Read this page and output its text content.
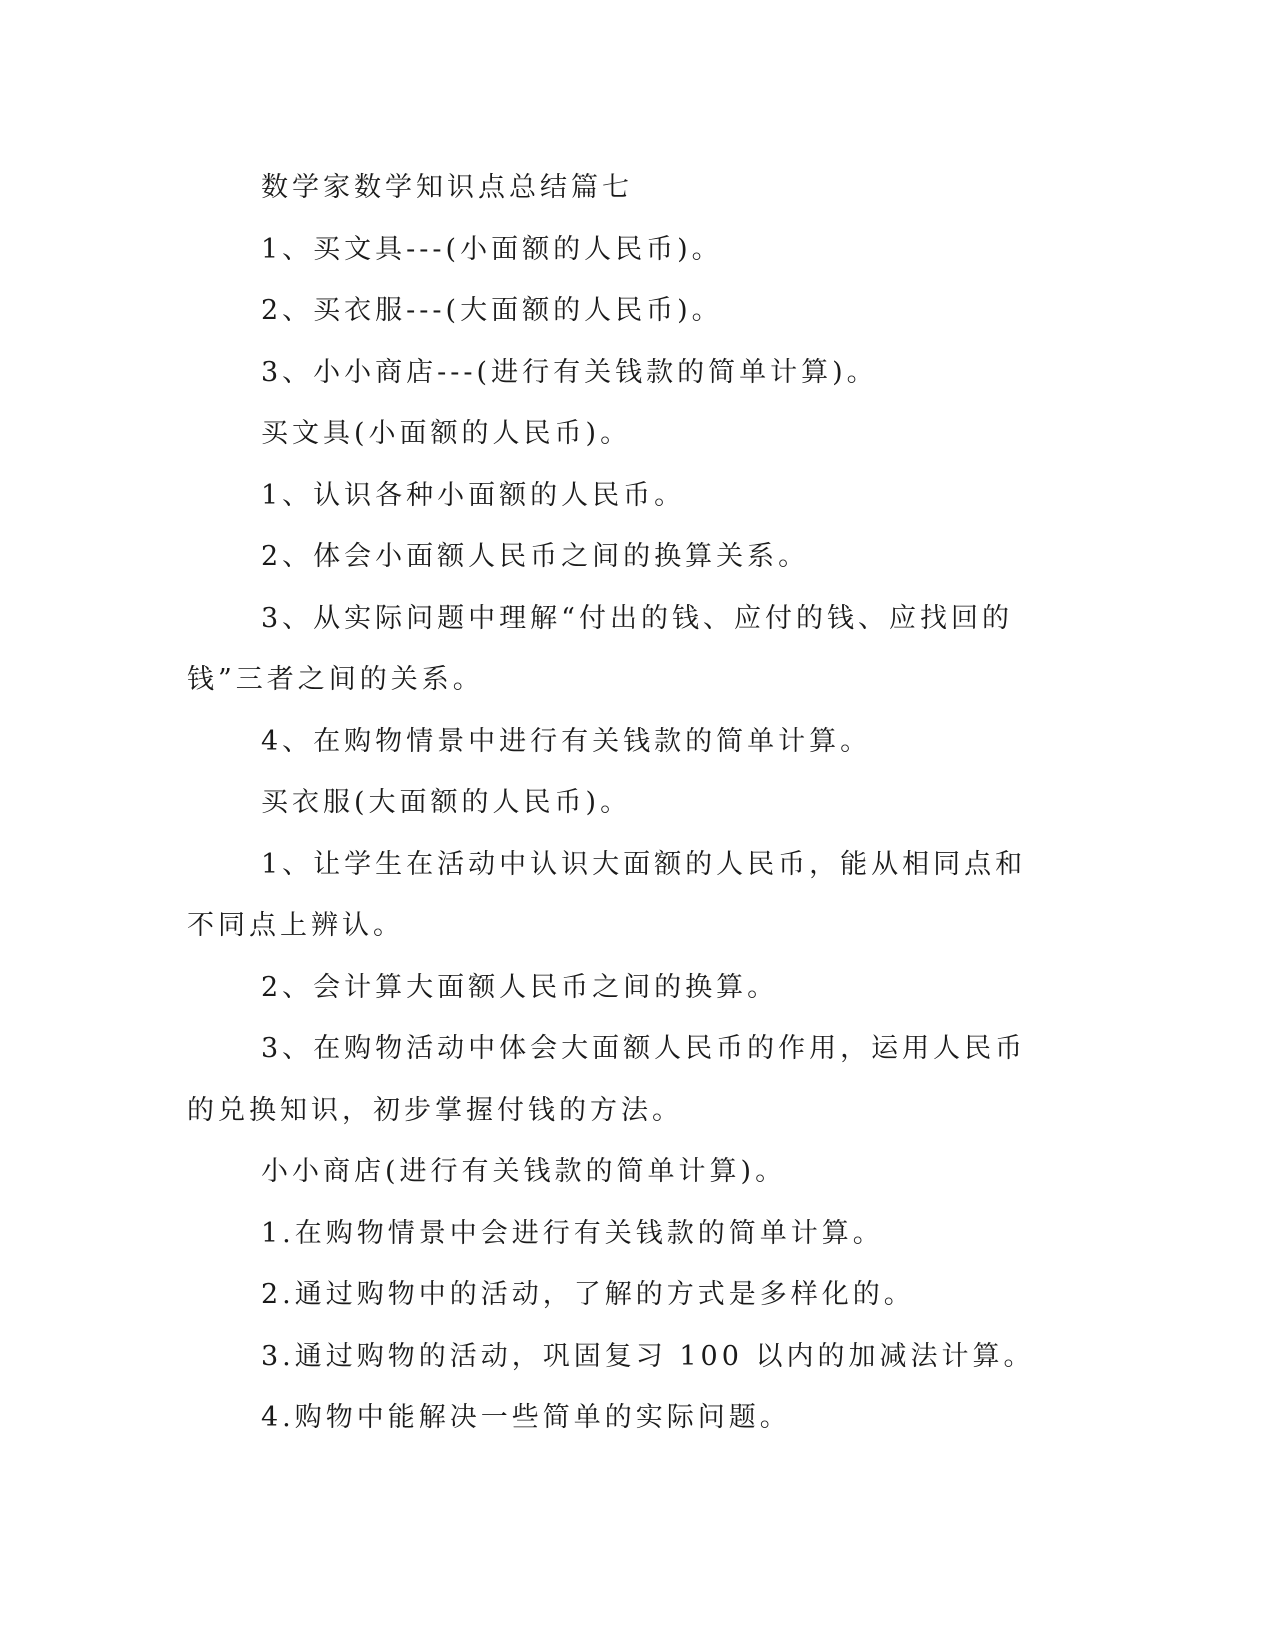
数学家数学知识点总结篇七

1、买文具---(小面额的人民币)。

2、买衣服---(大面额的人民币)。

3、小小商店---(进行有关钱款的简单计算)。

买文具(小面额的人民币)。

1、认识各种小面额的人民币。

2、体会小面额人民币之间的换算关系。

3、从实际问题中理解“付出的钱、应付的钱、应找回的钱”三者之间的关系。

4、在购物情景中进行有关钱款的简单计算。

买衣服(大面额的人民币)。

1、让学生在活动中认识大面额的人民币，能从相同点和不同点上辨认。

2、会计算大面额人民币之间的换算。

3、在购物活动中体会大面额人民币的作用，运用人民币的兑换知识，初步掌握付钱的方法。

小小商店(进行有关钱款的简单计算)。

1.在购物情景中会进行有关钱款的简单计算。

2.通过购物中的活动，了解的方式是多样化的。

3.通过购物的活动，巩固复习 100 以内的加减法计算。

4.购物中能解决一些简单的实际问题。
